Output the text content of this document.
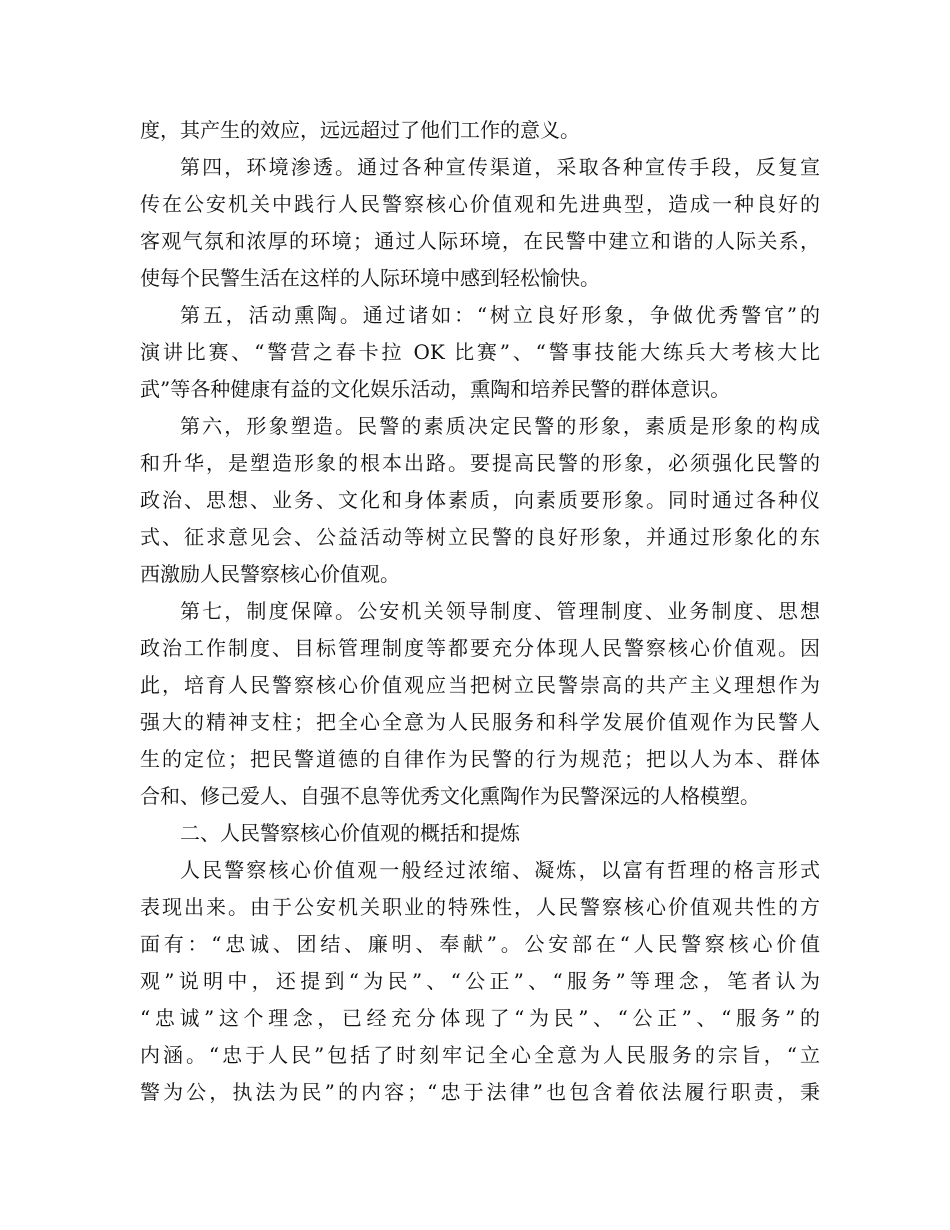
度，其产生的效应，远远超过了他们工作的意义。
第四，环境渗透。通过各种宣传渠道，采取各种宣传手段，反复宣
传在公安机关中践行人民警察核心价值观和先进典型，造成一种良好的
客观气氛和浓厚的环境；通过人际环境，在民警中建立和谐的人际关系，
使每个民警生活在这样的人际环境中感到轻松愉快。
第五，活动熏陶。通过诸如：“树立良好形象，争做优秀警官”的
演讲比赛、“警营之春卡拉 OK 比赛”、“警事技能大练兵大考核大比
武”等各种健康有益的文化娱乐活动，熏陶和培养民警的群体意识。
第六，形象塑造。民警的素质决定民警的形象，素质是形象的构成
和升华，是塑造形象的根本出路。要提高民警的形象，必须强化民警的
政治、思想、业务、文化和身体素质，向素质要形象。同时通过各种仪
式、征求意见会、公益活动等树立民警的良好形象，并通过形象化的东
西激励人民警察核心价值观。
第七，制度保障。公安机关领导制度、管理制度、业务制度、思想
政治工作制度、目标管理制度等都要充分体现人民警察核心价值观。因
此，培育人民警察核心价值观应当把树立民警崇高的共产主义理想作为
强大的精神支柱；把全心全意为人民服务和科学发展价值观作为民警人
生的定位；把民警道德的自律作为民警的行为规范；把以人为本、群体
合和、修己爱人、自强不息等优秀文化熏陶作为民警深远的人格模塑。
二、人民警察核心价值观的概括和提炼
人民警察核心价值观一般经过浓缩、凝炼，以富有哲理的格言形式
表现出来。由于公安机关职业的特殊性，人民警察核心价值观共性的方
面有：“忠诚、团结、廉明、奉献”。公安部在“人民警察核心价值
观”说明中，还提到“为民”、“公正”、“服务”等理念，笔者认为
“忠诚”这个理念，已经充分体现了“为民”、“公正”、“服务”的
内涵。“忠于人民”包括了时刻牢记全心全意为人民服务的宗旨，“立
警为公，执法为民”的内容；“忠于法律”也包含着依法履行职责，秉
